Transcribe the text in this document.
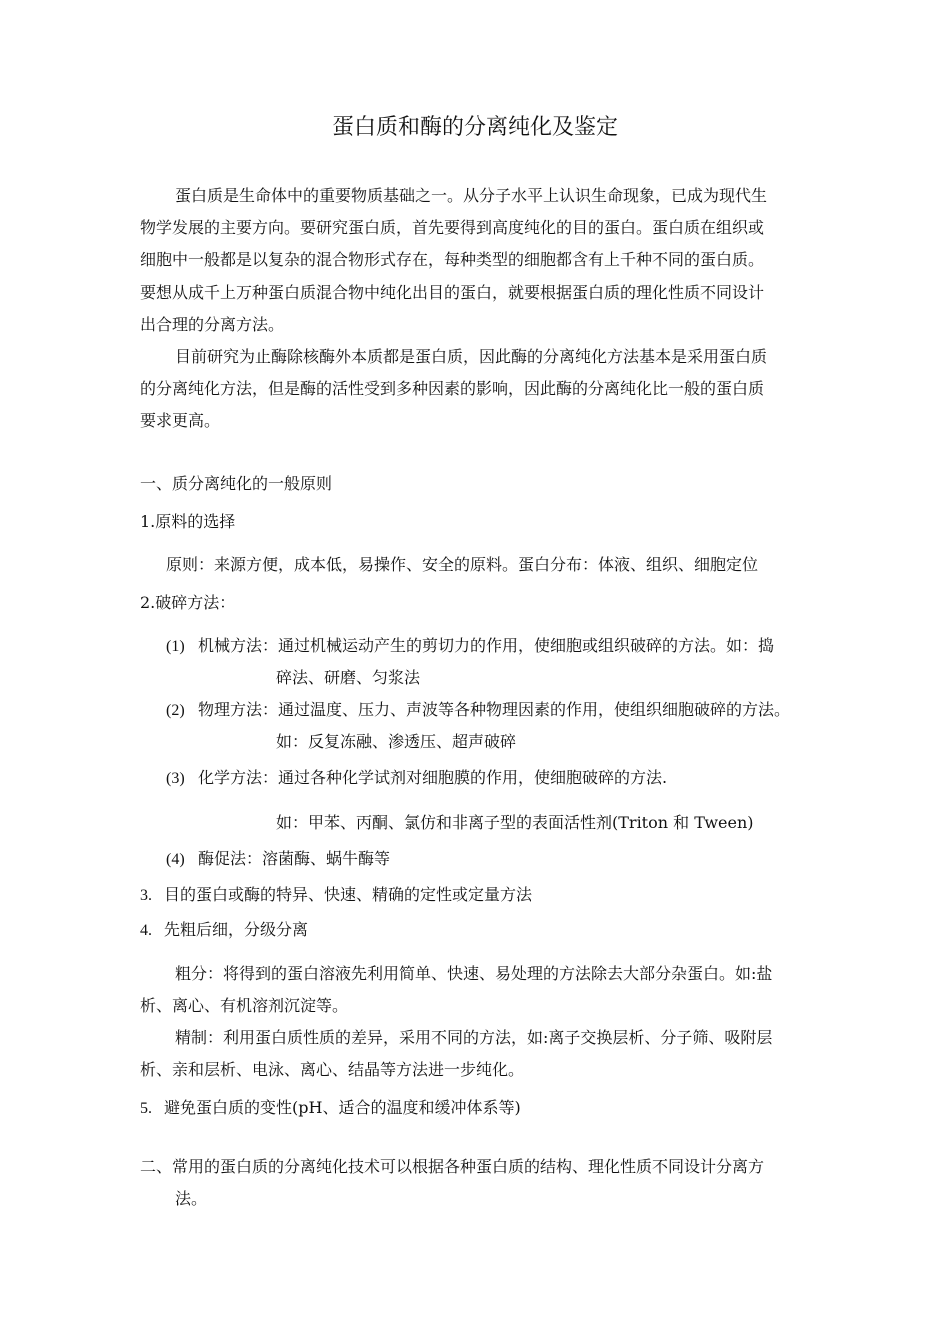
蛋白质和酶的分离纯化及鉴定

蛋白质是生命体中的重要物质基础之一。从分子水平上认识生命现象，已成为现代生

物学发展的主要方向。要研究蛋白质，首先要得到高度纯化的目的蛋白。蛋白质在组织或

细胞中一般都是以复杂的混合物形式存在，每种类型的细胞都含有上千种不同的蛋白质。

要想从成千上万种蛋白质混合物中纯化出目的蛋白，就要根据蛋白质的理化性质不同设计

出合理的分离方法。

目前研究为止酶除核酶外本质都是蛋白质，因此酶的分离纯化方法基本是采用蛋白质

的分离纯化方法，但是酶的活性受到多种因素的影响，因此酶的分离纯化比一般的蛋白质

要求更高。

一、质分离纯化的一般原则

1.原料的选择

原则：来源方便，成本低，易操作、安全的原料。蛋白分布：体液、组织、细胞定位

2.破碎方法：

(1) 机械方法：通过机械运动产生的剪切力的作用，使细胞或组织破碎的方法。如：捣

碎法、研磨、匀浆法

(2) 物理方法：通过温度、压力、声波等各种物理因素的作用，使组织细胞破碎的方法。

如：反复冻融、渗透压、超声破碎

(3) 化学方法：通过各种化学试剂对细胞膜的作用，使细胞破碎的方法.

如：甲苯、丙酮、氯仿和非离子型的表面活性剂(Triton 和 Tween)

(4) 酶促法：溶菌酶、蜗牛酶等

3. 目的蛋白或酶的特异、快速、精确的定性或定量方法

4. 先粗后细，分级分离

粗分：将得到的蛋白溶液先利用简单、快速、易处理的方法除去大部分杂蛋白。如:盐

析、离心、有机溶剂沉淀等。

精制：利用蛋白质性质的差异，采用不同的方法，如:离子交换层析、分子筛、吸附层

析、亲和层析、电泳、离心、结晶等方法进一步纯化。

5. 避免蛋白质的变性(pH、适合的温度和缓冲体系等)

二、常用的蛋白质的分离纯化技术可以根据各种蛋白质的结构、理化性质不同设计分离方

法。
